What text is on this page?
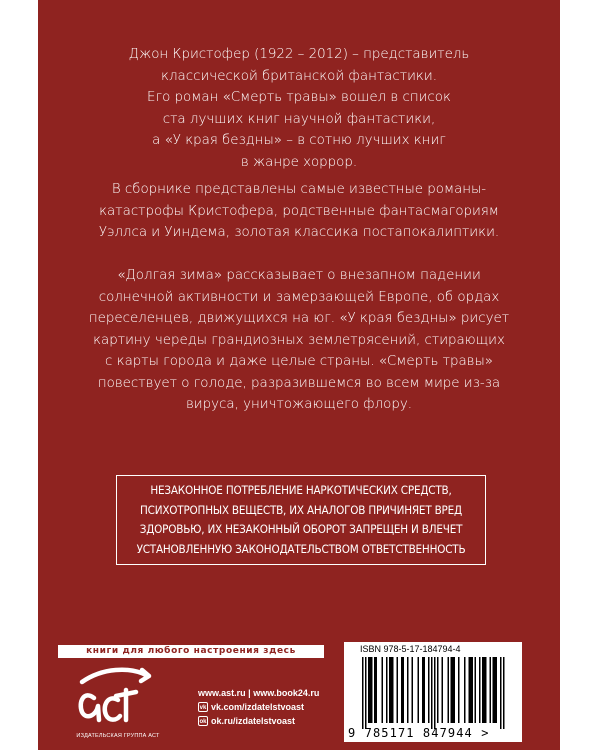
Джон Кристофер (1922 – 2012) – представитель
классической британской фантастики.
Его роман «Смерть травы» вошел в список
ста лучших книг научной фантастики,
а «У края бездны» – в сотню лучших книг
в жанре хоррор.
В сборнике представлены самые известные романы-
катастрофы Кристофера, родственные фантасмагориям
Уэллса и Уиндема, золотая классика постапокалиптики.
«Долгая зима» рассказывает о внезапном падении
солнечной активности и замерзающей Европе, об ордах
переселенцев, движущихся на юг. «У края бездны» рисует
картину череды грандиозных землетрясений, стирающих
с карты города и даже целые страны. «Смерть травы»
повествует о голоде, разразившемся во всем мире из-за
вируса, уничтожающего флору.
НЕЗАКОННОЕ ПОТРЕБЛЕНИЕ НАРКОТИЧЕСКИХ СРЕДСТВ,
ПСИХОТРОПНЫХ ВЕЩЕСТВ, ИХ АНАЛОГОВ ПРИЧИНЯЕТ ВРЕД
ЗДОРОВЬЮ, ИХ НЕЗАКОННЫЙ ОБОРОТ ЗАПРЕЩЕН И ВЛЕЧЕТ
УСТАНОВЛЕННУЮ ЗАКОНОДАТЕЛЬСТВОМ ОТВЕТСТВЕННОСТЬ
книги для любого настроения здесь
ИЗДАТЕЛЬСКАЯ ГРУППА АСТ
www.ast.ru | www.book24.ru
vk vk.com/izdatelstvoast
ok ok.ru/izdatelstvoast
ISBN 978-5-17-184794-4
9 785171 847944 >
